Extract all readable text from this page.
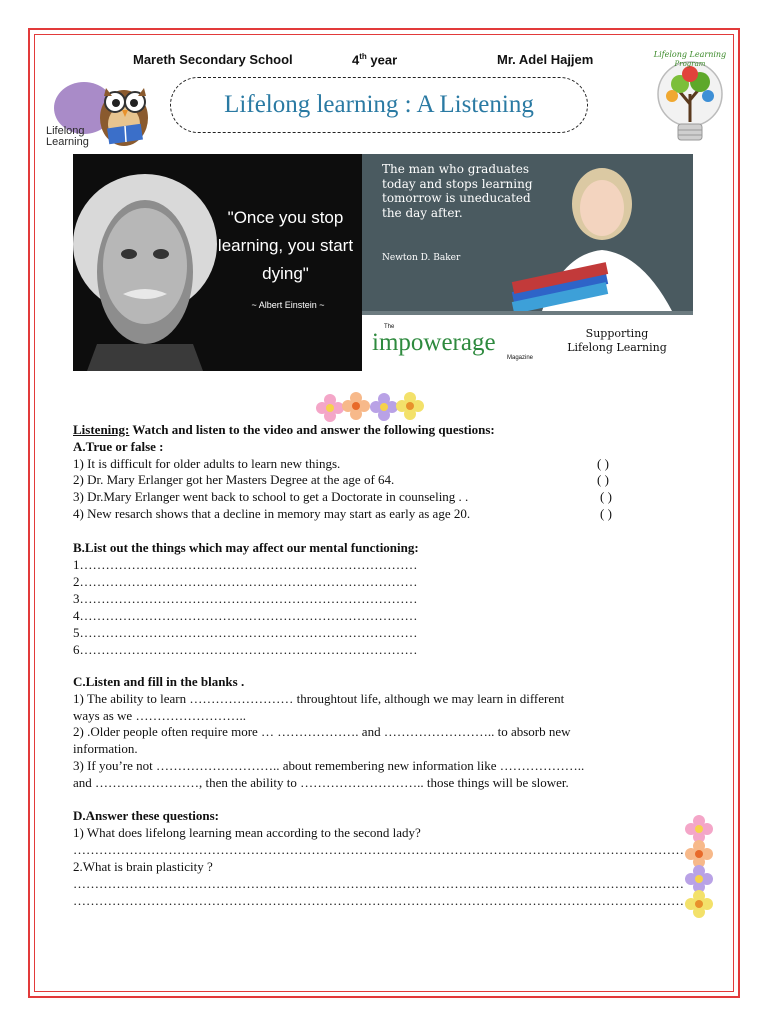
Mareth Secondary School	4th year	Mr. Adel Hajjem
Lifelong
Learning
Lifelong learning : A Listening
Lifelong Learning
Program
"Once you stop learning, you start dying"
~ Albert Einstein ~
The man who graduates today and stops learning tomorrow is uneducated the day after.
Newton D. Baker
The
impowerage
Magazine
Supporting
Lifelong Learning
Listening: Watch and listen to the video and answer the following questions:
A.True or false :
1) It is difficult for older adults to learn new things.	( )
2) Dr. Mary Erlanger got her Masters Degree at the age of 64.	( )
3) Dr.Mary Erlanger went back to school to get a Doctorate in counseling . .	( )
4) New resarch shows that a decline in memory may start as early as age 20.	( )
B.List out the things which may affect our mental functioning:
1……………………………………………………………………
2……………………………………………………………………
3……………………………………………………………………
4……………………………………………………………………
5……………………………………………………………………
6……………………………………………………………………
C.Listen and fill in the blanks .
1) The ability to learn …………………… throughtout life, although we may learn in different
ways as we ……………………..
2) .Older people often require more … ………………. and …………………….. to absorb new
information.
3) If you’re not ……………………….. about remembering new information like ………………..
and ……………………, then the ability to ……………………….. those things will be slower.
D.Answer these questions:
1) What does lifelong learning mean according to the second lady?
……………………………………………………………………………………………………………………………
2.What is brain plasticity ?
……………………………………………………………………………………………………………………………
……………………………………………………………………………………………………………………………
